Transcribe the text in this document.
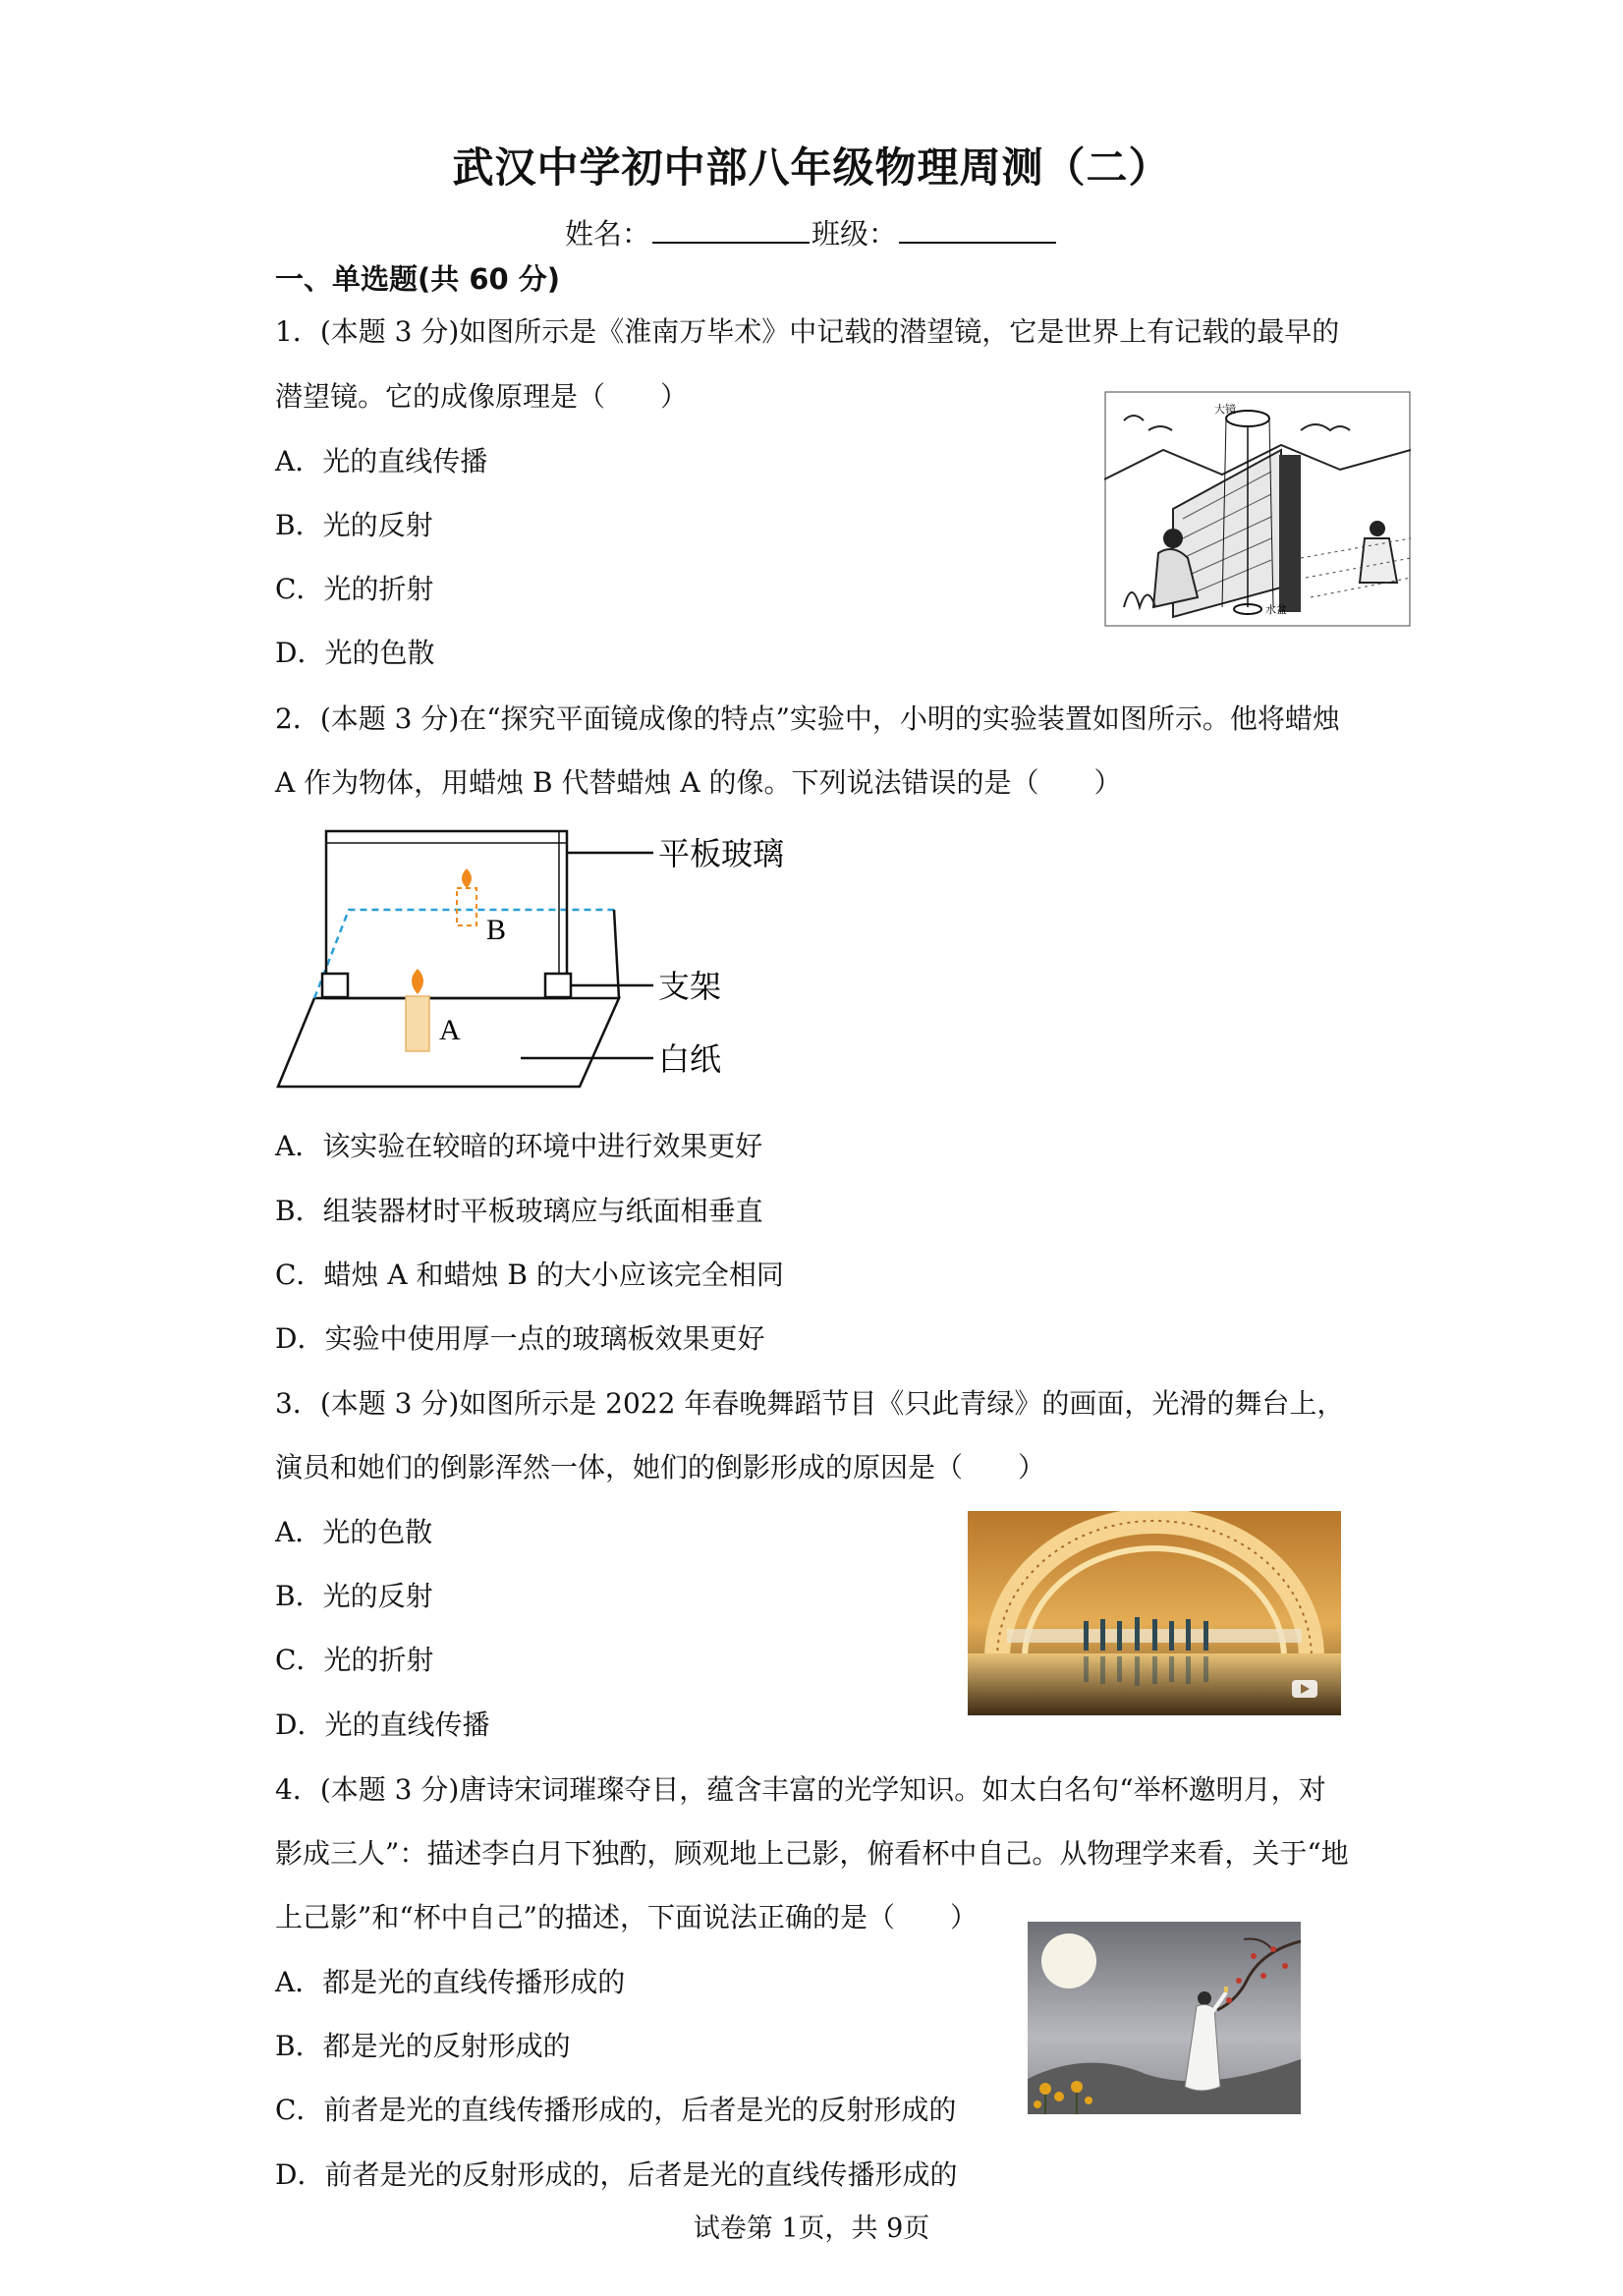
武汉中学初中部八年级物理周测（二）
姓名：	班级：
一、单选题(共 60 分)
1．(本题 3 分)如图所示是《淮南万毕术》中记载的潜望镜，它是世界上有记载的最早的
潜望镜。它的成像原理是（　　）
A．光的直线传播
B．光的反射
C．光的折射
D．光的色散
大镜
水盆
2．(本题 3 分)在“探究平面镜成像的特点”实验中，小明的实验装置如图所示。他将蜡烛
A 作为物体，用蜡烛 B 代替蜡烛 A 的像。下列说法错误的是（　　）
B
A
平板玻璃
支架
白纸
A．该实验在较暗的环境中进行效果更好
B．组装器材时平板玻璃应与纸面相垂直
C．蜡烛 A 和蜡烛 B 的大小应该完全相同
D．实验中使用厚一点的玻璃板效果更好
3．(本题 3 分)如图所示是 2022 年春晚舞蹈节目《只此青绿》的画面，光滑的舞台上，
演员和她们的倒影浑然一体，她们的倒影形成的原因是（　　）
A．光的色散
B．光的反射
C．光的折射
D．光的直线传播
4．(本题 3 分)唐诗宋词璀璨夺目，蕴含丰富的光学知识。如太白名句“举杯邀明月，对
影成三人”：描述李白月下独酌，顾观地上己影，俯看杯中自己。从物理学来看，关于“地
上己影”和“杯中自己”的描述，下面说法正确的是（　　）
A．都是光的直线传播形成的
B．都是光的反射形成的
C．前者是光的直线传播形成的，后者是光的反射形成的
D．前者是光的反射形成的，后者是光的直线传播形成的
试卷第 1页，共 9页
